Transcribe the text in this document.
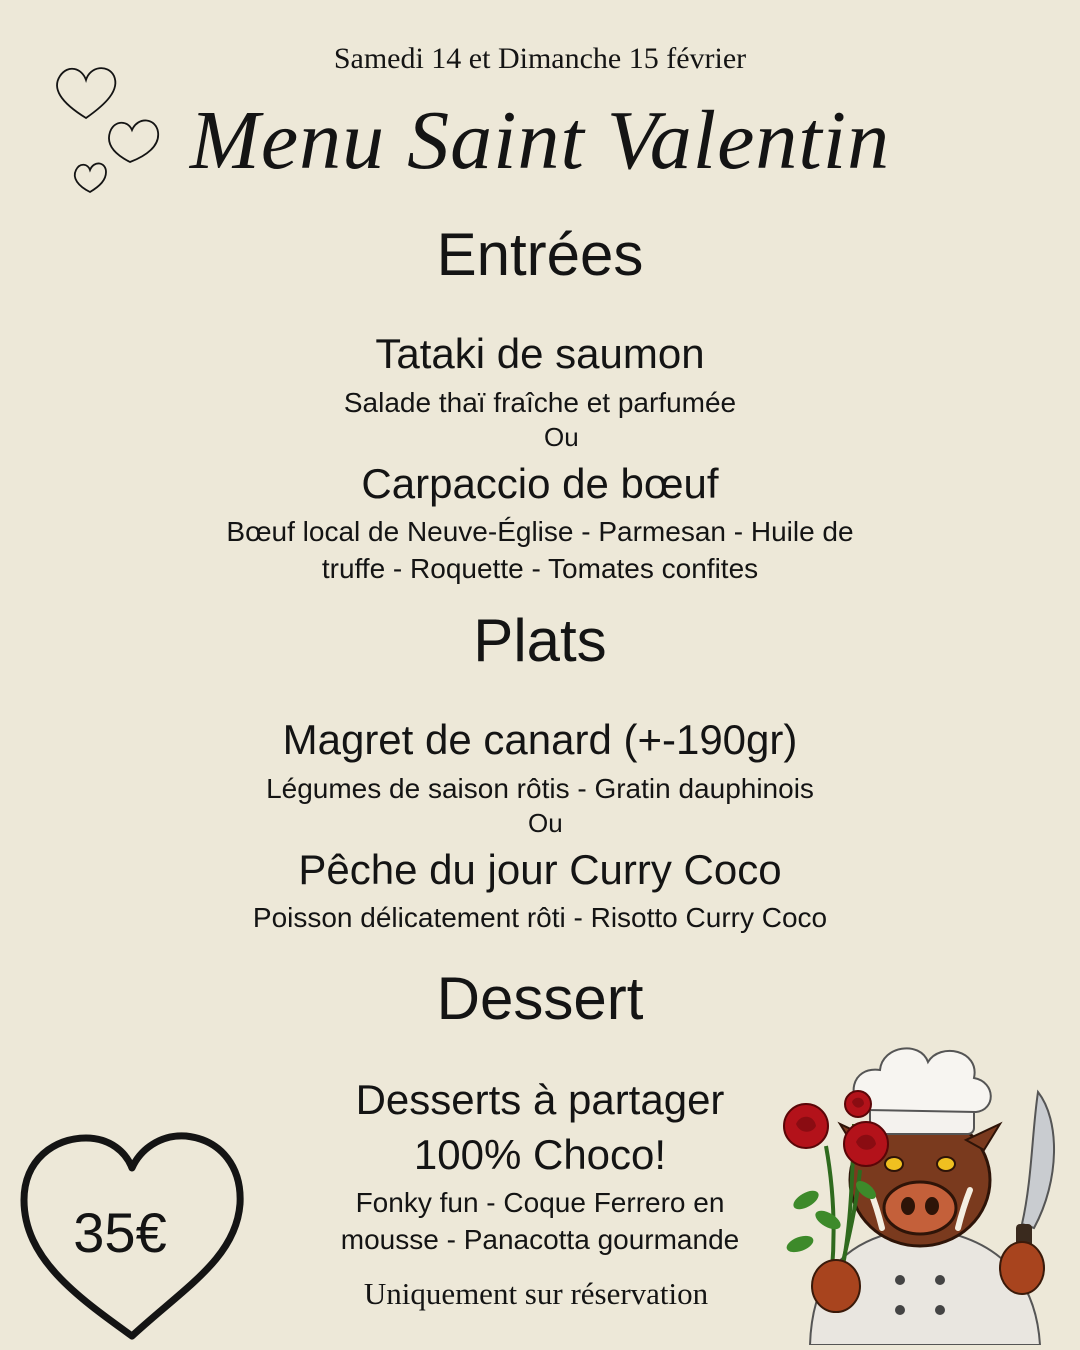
Samedi 14 et Dimanche 15 février
Menu Saint Valentin
Entrées
Tataki de saumon
Salade thaï fraîche et parfumée
Ou
Carpaccio de bœuf
Bœuf local de Neuve-Église - Parmesan - Huile de
truffe - Roquette - Tomates confites
Plats
Magret de canard (+-190gr)
Légumes de saison rôtis - Gratin dauphinois
Ou
Pêche du jour Curry Coco
Poisson délicatement rôti - Risotto Curry Coco
Dessert
Desserts à partager
100% Choco!
Fonky fun - Coque Ferrero en
mousse - Panacotta gourmande
Uniquement sur réservation
35€
